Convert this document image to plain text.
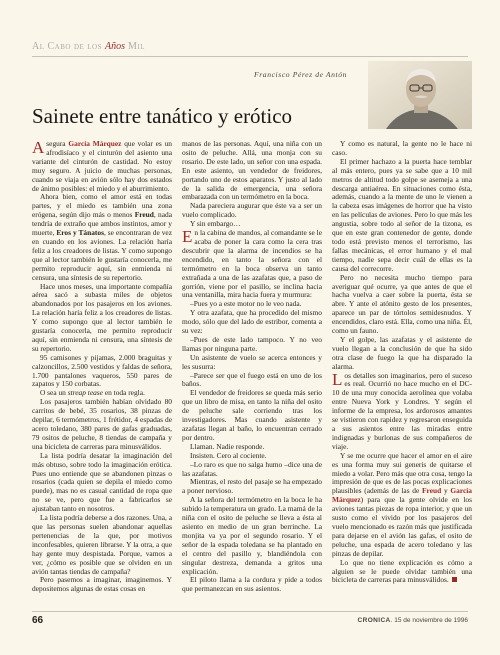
Al Cabo de los Años Mil
Francisco Pérez de Antón
Sainete entre tanático y erótico

Asegura García Márquez que volar es un afrodisíaco y el cinturón del asiento una variante del cinturón de castidad. No estoy muy seguro. A juicio de muchas personas, cuando se viaja en avión sólo hay dos estados de ánimo posibles: el miedo y el aburrimiento.

Ahora bien, como el amor está en todas partes, y el miedo es también una zona erógena, según dijo más o menos Freud, nada tendría de extraño que ambos instintos, amor y muerte, Eros y Tánatos, se encontraran de vez en cuando en los aviones. La relación haría feliz a los creadores de listas. Y como supongo que al lector también le gustaría conocerla, me permito reproducir aquí, sin enmienda ni censura, una síntesis de su repertorio.

Hace unos meses, una importante compañía aérea sacó a subasta miles de objetos abandonados por los pasajeros en los aviones. La relación haría feliz a los creadores de listas. Y como supongo que al lector también le gustaría conocerla, me permito reproducir aquí, sin enmienda ni censura, una síntesis de su repertorio.

95 camisones y pijamas, 2.000 braguitas y calzoncillos, 2.500 vestidos y faldas de señora, 1.700 pantalones vaqueros, 550 pares de zapatos y 150 corbatas.

O sea un streap tease en toda regla.

Los pasajeros también habían olvidado 80 carritos de bebé, 35 rosarios, 38 pinzas de depilar, 6 termómetros, 1 frétidor, 4 espadas de acero toledano, 380 pares de gafas graduadas, 79 ositos de peluche, 8 tiendas de campaña y una bicicleta de carreras para minusválidos.

La lista podría desatar la imaginación del más obtuso, sobre todo la imaginación erótica. Pues uno entiende que se abandonen pinzas o rosarios (cada quien se depila el miedo como puede), mas no es casual cantidad de ropa que no se ve, pero que fue a fabricarlos se ajustaban tanto en nosotros.

La lista podría deberse a dos razones. Una, a que las personas suelen abandonar aquellas pertenencias de la que, por motivos inconfesables, quieren librarse. Y la otra, a que hay gente muy despistada. Porque, vamos a ver, ¿cómo es posible que se olviden en un avión tantas tiendas de campaña?

Pero pasemos a imaginar, imaginemos. Y depositemos algunas de estas cosas en

manos de las personas. Aquí, una niña con un osito de peluche. Allá, una monja con su rosario. De este lado, un señor con una espada. En este asiento, un vendedor de freidores, portando uno de estos aparatos. Y justo al lado de la salida de emergencia, una señora embarazada con un termómetro en la boca.

Nada pareciera augurar que éste va a ser un vuelo complicado.

Y sin embargo…

En la cabina de mandos, al comandante se le acaba de poner la cara como la cera tras descubrir que la alarma de incendios se ha encendido, en tanto la señora con el termómetro en la boca observa un tanto extrañada a una de las azafatas que, a paso de gorrión, viene por el pasillo, se inclina hacia una ventanilla, mira hacia fuera y murmura:

–Pues yo a este motor no le veo nada.

Y otra azafata, que ha procedido del mismo modo, sólo que del lado de estribor, comenta a su vez:

–Pues de este lado tampoco. Y no veo llamas por ninguna parte.

Un asistente de vuelo se acerca entonces y les susurra:

–Parece ser que el fuego está en uno de los baños.

El vendedor de freidores se queda más serio que un libro de misa, en tanto la niña del osito de peluche sale corriendo tras los investigadores. Mas cuando asistente y azafatas llegan al baño, lo encuentran cerrado por dentro.

Llaman. Nadie responde.

Insisten. Cero al cociente.

–Lo raro es que no salga humo –dice una de las azafatas.

Mientras, el resto del pasaje se ha empezado a poner nervioso.

A la señora del termómetro en la boca le ha subido la temperatura un grado. La mamá de la niña con el osito de peluche se lleva a ésta al asiento en medio de un gran berrinche. La monjita va ya por el segundo rosario. Y el señor de la espada toledana se ha plantado en el centro del pasillo y, blandiéndola con singular destreza, demanda a gritos una explicación.

El piloto llama a la cordura y pide a todos que permanezcan en sus asientos.

Y como es natural, la gente no le hace ni caso.

El primer hachazo a la puerta hace temblar al más entero, pues ya se sabe que a 10 mil metros de altitud todo golpe se asemeja a una descarga antiaérea. En situaciones como ésta, además, cuando a la mente de uno le vienen a la cabeza esas imágenes de horror que ha visto en las películas de aviones. Pero lo que más les angustia, sobre todo al señor de la tizona, es que en este gran contenedor de gente, donde todo está previsto menos el terrorismo, las fallas mecánicas, el error humano y el mal tiempo, nadie sepa decir cuál de ellas es la causa del correcorre.

Pero no necesita mucho tiempo para averiguar qué ocurre, ya que antes de que el hacha vuelva a caer sobre la puerta, ésta se abre. Y ante el atónito gesto de los presentes, aparece un par de tórtolos semidesnudos. Y encendidos, claro está. Ella, como una niña. Él, como un fauno.

Y el golpe, las azafatas y el asistente de vuelo llegan a la conclusión de que ha sido otra clase de fuego la que ha disparado la alarma.

Los detalles son imaginarios, pero el suceso es real. Ocurrió no hace mucho en el DC-10 de una muy conocida aerolínea que volaba entre Nueva York y Londres. Y según el informe de la empresa, los ardorosos amantes se vistieron con rapidez y regresaron enseguida a sus asientos entre las miradas entre indignadas y burlonas de sus compañeros de viaje.

Y se me ocurre que hacer el amor en el aire es una forma muy sui generis de quitarse el miedo a volar. Pero más que otra cosa, tengo la impresión de que es de las pocas explicaciones plausibles (además de las de Freud y García Márquez) para que la gente olvide en los aviones tantas piezas de ropa interior, y que un susto como el vivido por los pasajeros del vuelo mencionado es razón más que justificada para dejarse en el avión las gafas, el osito de peluche, una espada de acero toledano y las pinzas de depilar.

Lo que no tiene explicación es cómo a alguien se le puede olvidar también una bicicleta de carreras para minusválidos.

66	CRONICA. 15 de noviembre de 1996
